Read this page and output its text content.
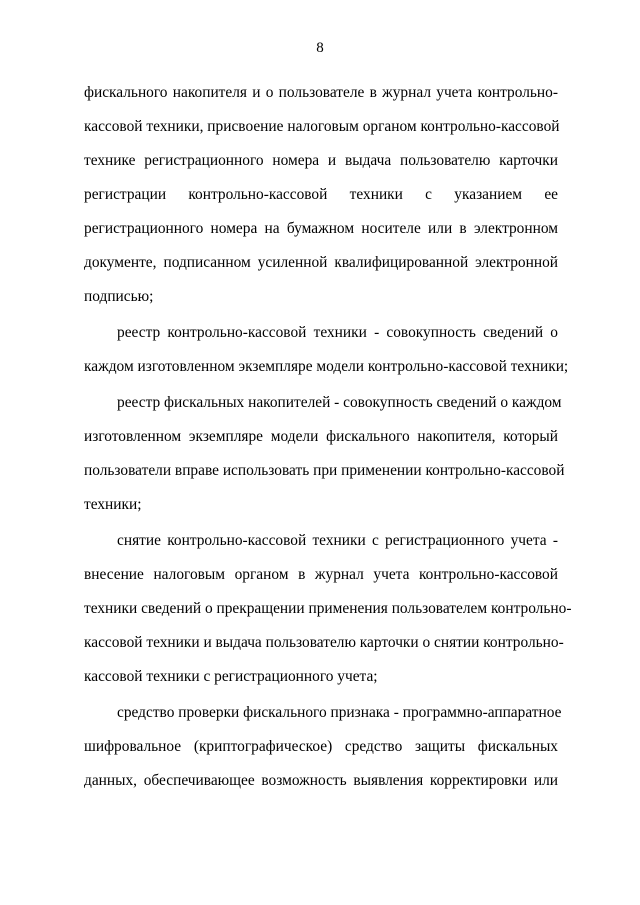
8
фискального накопителя и о пользователе в журнал учета контрольно-
кассовой техники, присвоение налоговым органом контрольно-кассовой
технике регистрационного номера и выдача пользователю карточки
регистрации контрольно-кассовой техники с указанием ее
регистрационного номера на бумажном носителе или в электронном
документе, подписанном усиленной квалифицированной электронной
подписью;
реестр контрольно-кассовой техники - совокупность сведений о
каждом изготовленном экземпляре модели контрольно-кассовой техники;
реестр фискальных накопителей - совокупность сведений о каждом
изготовленном экземпляре модели фискального накопителя, который
пользователи вправе использовать при применении контрольно-кассовой
техники;
снятие контрольно-кассовой техники с регистрационного учета -
внесение налоговым органом в журнал учета контрольно-кассовой
техники сведений о прекращении применения пользователем контрольно-
кассовой техники и выдача пользователю карточки о снятии контрольно-
кассовой техники с регистрационного учета;
средство проверки фискального признака - программно-аппаратное
шифровальное (криптографическое) средство защиты фискальных
данных, обеспечивающее возможность выявления корректировки или
